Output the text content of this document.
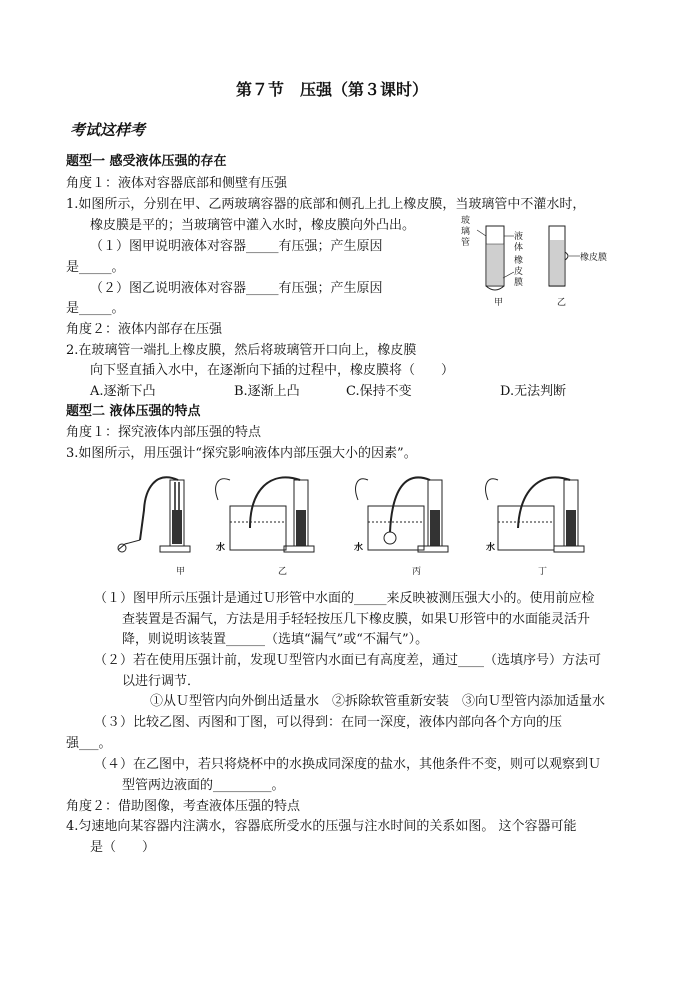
第７节　压强（第３课时）
考试这样考
题型一 感受液体压强的存在
角度１：液体对容器底部和侧壁有压强
1.如图所示，分别在甲、乙两玻璃容器的底部和侧孔上扎上橡皮膜，当玻璃管中不灌水时，
橡皮膜是平的；当玻璃管中灌入水时，橡皮膜向外凸出。
（１）图甲说明液体对容器_____有压强；产生原因
是_____。
（２）图乙说明液体对容器_____有压强；产生原因
是_____。
玻璃管
液体
橡皮膜
橡皮膜
甲	乙
角度２：液体内部存在压强
2.在玻璃管一端扎上橡皮膜，然后将玻璃管开口向上，橡皮膜
向下竖直插入水中，在逐渐向下插的过程中，橡皮膜将（　　）
A.逐渐下凸	B.逐渐上凸	C.保持不变	D.无法判断
题型二 液体压强的特点
角度１：探究液体内部压强的特点
3.如图所示，用压强计“探究影响液体内部压强大小的因素”。
水	水	水
甲	乙	丙	丁
（１）图甲所示压强计是通过Ｕ形管中水面的_____来反映被测压强大小的。使用前应检
查装置是否漏气，方法是用手轻轻按压几下橡皮膜，如果Ｕ形管中的水面能灵活升
降，则说明该装置______（选填“漏气”或“不漏气”）。
（２）若在使用压强计前，发现Ｕ型管内水面已有高度差，通过____（选填序号）方法可
以进行调节．
①从Ｕ型管内向外倒出适量水　②拆除软管重新安装　③向Ｕ型管内添加适量水
（３）比较乙图、丙图和丁图，可以得到：在同一深度，液体内部向各个方向的压
强___。
（４）在乙图中，若只将烧杯中的水换成同深度的盐水，其他条件不变，则可以观察到Ｕ
型管两边液面的_________。
角度２：借助图像，考查液体压强的特点
4.匀速地向某容器内注满水，容器底所受水的压强与注水时间的关系如图。 这个容器可能
是（　　）
